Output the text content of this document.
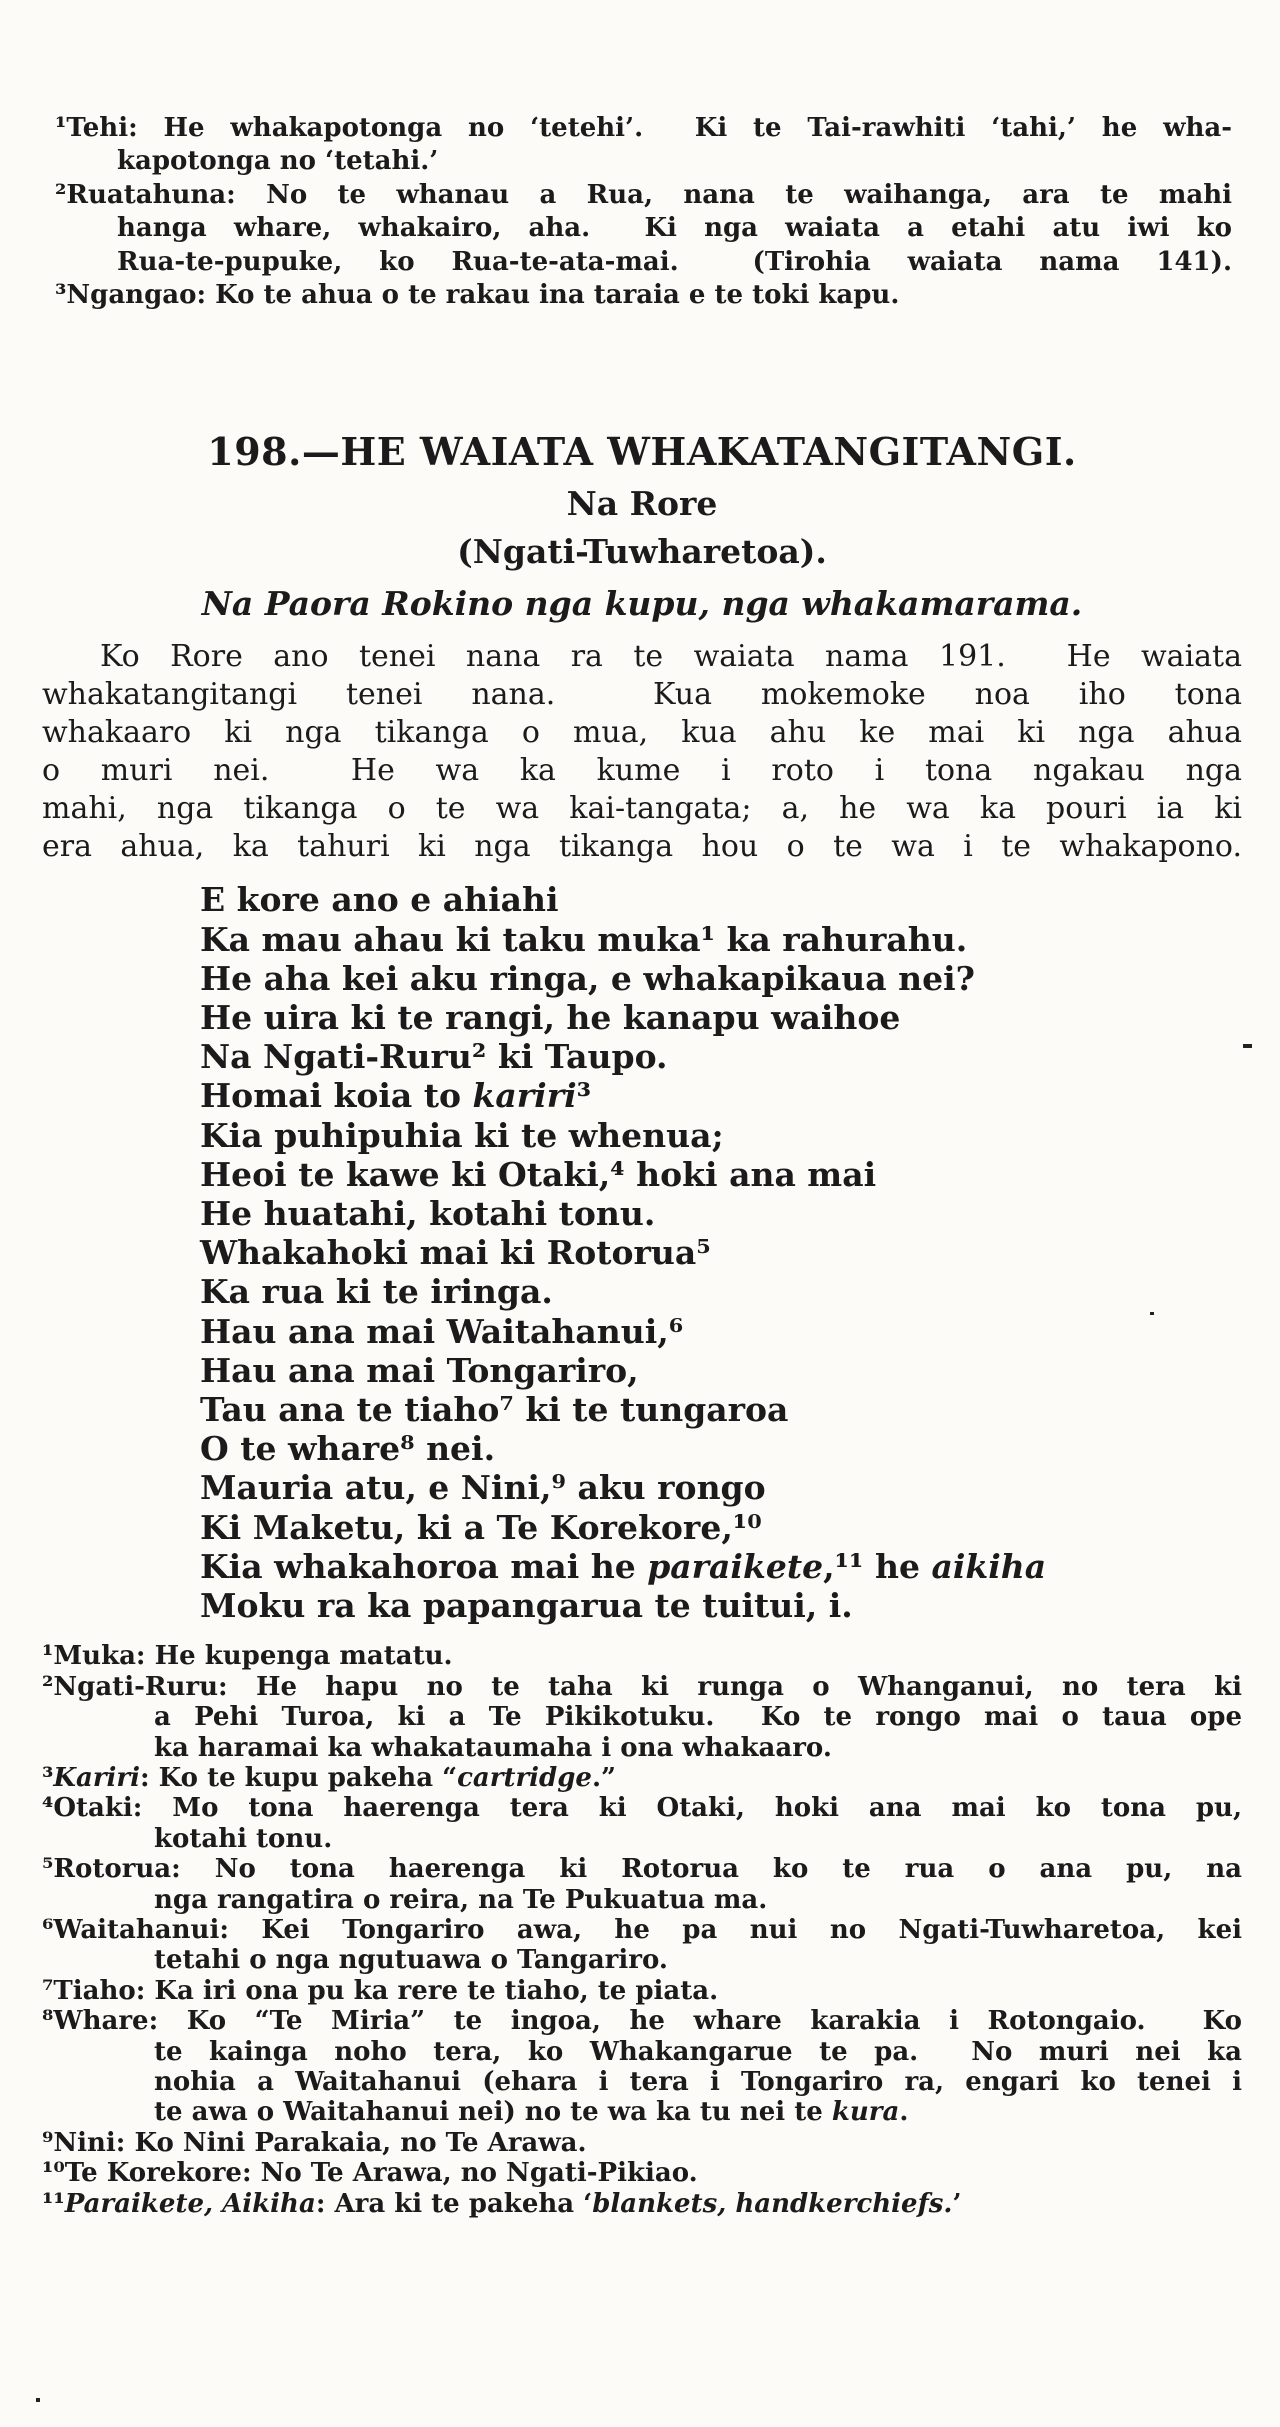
¹Tehi: He whakapotonga no ‘tetehi’.  Ki te Tai-rawhiti ‘tahi,’ he wha-
kapotonga no ‘tetahi.’
²Ruatahuna: No te whanau a Rua, nana te waihanga, ara te mahi
hanga whare, whakairo, aha.  Ki nga waiata a etahi atu iwi ko
Rua-te-pupuke, ko Rua-te-ata-mai.  (Tirohia waiata nama 141).
³Ngangao: Ko te ahua o te rakau ina taraia e te toki kapu.
198.—HE WAIATA WHAKATANGITANGI.
Na Rore
(Ngati-Tuwharetoa).
Na Paora Rokino nga kupu, nga whakamarama.
Ko Rore ano tenei nana ra te waiata nama 191.  He waiata
whakatangitangi tenei nana.  Kua mokemoke noa iho tona
whakaaro ki nga tikanga o mua, kua ahu ke mai ki nga ahua
o muri nei.  He wa ka kume i roto i tona ngakau nga
mahi, nga tikanga o te wa kai-tangata; a, he wa ka pouri ia ki
era ahua, ka tahuri ki nga tikanga hou o te wa i te whakapono.
E kore ano e ahiahi
Ka mau ahau ki taku muka¹ ka rahurahu.
He aha kei aku ringa, e whakapikaua nei?
He uira ki te rangi, he kanapu waihoe
Na Ngati-Ruru² ki Taupo.
Homai koia to kariri³
Kia puhipuhia ki te whenua;
Heoi te kawe ki Otaki,⁴ hoki ana mai
He huatahi, kotahi tonu.
Whakahoki mai ki Rotorua⁵
Ka rua ki te iringa.
Hau ana mai Waitahanui,⁶
Hau ana mai Tongariro,
Tau ana te tiaho⁷ ki te tungaroa
O te whare⁸ nei.
Mauria atu, e Nini,⁹ aku rongo
Ki Maketu, ki a Te Korekore,¹⁰
Kia whakahoroa mai he paraikete,¹¹ he aikiha
Moku ra ka papangarua te tuitui, i.
¹Muka: He kupenga matatu.
²Ngati-Ruru: He hapu no te taha ki runga o Whanganui, no tera ki
a Pehi Turoa, ki a Te Pikikotuku.  Ko te rongo mai o taua ope
ka haramai ka whakataumaha i ona whakaaro.
³Kariri: Ko te kupu pakeha “cartridge.”
⁴Otaki: Mo tona haerenga tera ki Otaki, hoki ana mai ko tona pu,
kotahi tonu.
⁵Rotorua: No tona haerenga ki Rotorua ko te rua o ana pu, na
nga rangatira o reira, na Te Pukuatua ma.
⁶Waitahanui: Kei Tongariro awa, he pa nui no Ngati-Tuwharetoa, kei
tetahi o nga ngutuawa o Tangariro.
⁷Tiaho: Ka iri ona pu ka rere te tiaho, te piata.
⁸Whare: Ko “Te Miria” te ingoa, he whare karakia i Rotongaio.  Ko
te kainga noho tera, ko Whakangarue te pa.  No muri nei ka
nohia a Waitahanui (ehara i tera i Tongariro ra, engari ko tenei i
te awa o Waitahanui nei) no te wa ka tu nei te kura.
⁹Nini: Ko Nini Parakaia, no Te Arawa.
¹⁰Te Korekore: No Te Arawa, no Ngati-Pikiao.
¹¹Paraikete, Aikiha: Ara ki te pakeha ‘blankets, handkerchiefs.’
